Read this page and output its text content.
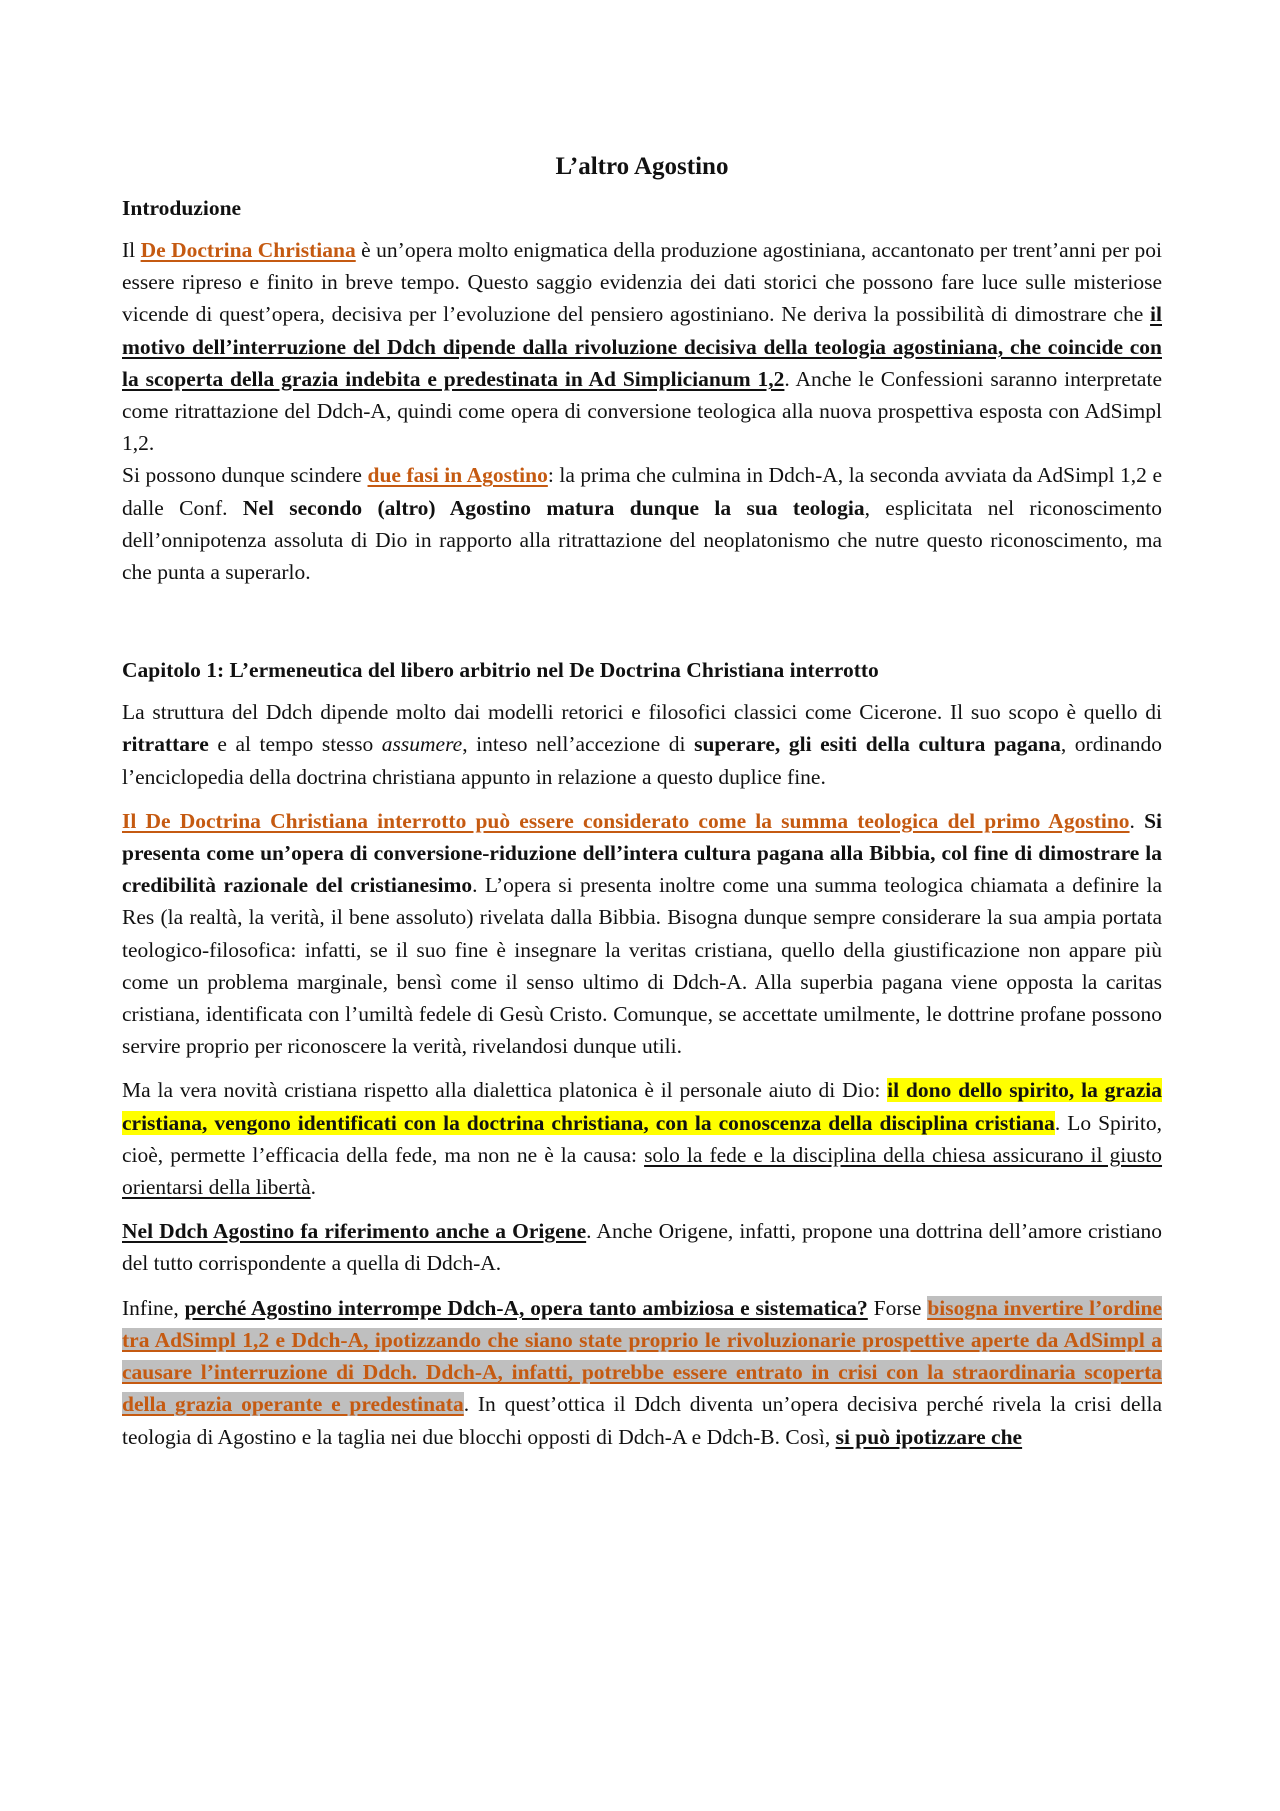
L’altro Agostino
Introduzione

Il De Doctrina Christiana è un’opera molto enigmatica della produzione agostiniana, accantonato per trent’anni per poi essere ripreso e finito in breve tempo. Questo saggio evidenzia dei dati storici che possono fare luce sulle misteriose vicende di quest’opera, decisiva per l’evoluzione del pensiero agostiniano. Ne deriva la possibilità di dimostrare che il motivo dell’interruzione del Ddch dipende dalla rivoluzione decisiva della teologia agostiniana, che coincide con la scoperta della grazia indebita e predestinata in Ad Simplicianum 1,2. Anche le Confessioni saranno interpretate come ritrattazione del Ddch-A, quindi come opera di conversione teologica alla nuova prospettiva esposta con AdSimpl 1,2.

Si possono dunque scindere due fasi in Agostino: la prima che culmina in Ddch-A, la seconda avviata da AdSimpl 1,2 e dalle Conf. Nel secondo (altro) Agostino matura dunque la sua teologia, esplicitata nel riconoscimento dell’onnipotenza assoluta di Dio in rapporto alla ritrattazione del neoplatonismo che nutre questo riconoscimento, ma che punta a superarlo.

Capitolo 1: L’ermeneutica del libero arbitrio nel De Doctrina Christiana interrotto

La struttura del Ddch dipende molto dai modelli retorici e filosofici classici come Cicerone. Il suo scopo è quello di ritrattare e al tempo stesso assumere, inteso nell’accezione di superare, gli esiti della cultura pagana, ordinando l’enciclopedia della doctrina christiana appunto in relazione a questo duplice fine.

Il De Doctrina Christiana interrotto può essere considerato come la summa teologica del primo Agostino. Si presenta come un’opera di conversione-riduzione dell’intera cultura pagana alla Bibbia, col fine di dimostrare la credibilità razionale del cristianesimo. L’opera si presenta inoltre come una summa teologica chiamata a definire la Res (la realtà, la verità, il bene assoluto) rivelata dalla Bibbia. Bisogna dunque sempre considerare la sua ampia portata teologico-filosofica: infatti, se il suo fine è insegnare la veritas cristiana, quello della giustificazione non appare più come un problema marginale, bensì come il senso ultimo di Ddch-A. Alla superbia pagana viene opposta la caritas cristiana, identificata con l’umiltà fedele di Gesù Cristo. Comunque, se accettate umilmente, le dottrine profane possono servire proprio per riconoscere la verità, rivelandosi dunque utili.

Ma la vera novità cristiana rispetto alla dialettica platonica è il personale aiuto di Dio: il dono dello spirito, la grazia cristiana, vengono identificati con la doctrina christiana, con la conoscenza della disciplina cristiana. Lo Spirito, cioè, permette l’efficacia della fede, ma non ne è la causa: solo la fede e la disciplina della chiesa assicurano il giusto orientarsi della libertà.

Nel Ddch Agostino fa riferimento anche a Origene. Anche Origene, infatti, propone una dottrina dell’amore cristiano del tutto corrispondente a quella di Ddch-A.

Infine, perché Agostino interrompe Ddch-A, opera tanto ambiziosa e sistematica? Forse bisogna invertire l’ordine tra AdSimpl 1,2 e Ddch-A, ipotizzando che siano state proprio le rivoluzionarie prospettive aperte da AdSimpl a causare l’interruzione di Ddch. Ddch-A, infatti, potrebbe essere entrato in crisi con la straordinaria scoperta della grazia operante e predestinata. In quest’ottica il Ddch diventa un’opera decisiva perché rivela la crisi della teologia di Agostino e la taglia nei due blocchi opposti di Ddch-A e Ddch-B. Così, si può ipotizzare che
